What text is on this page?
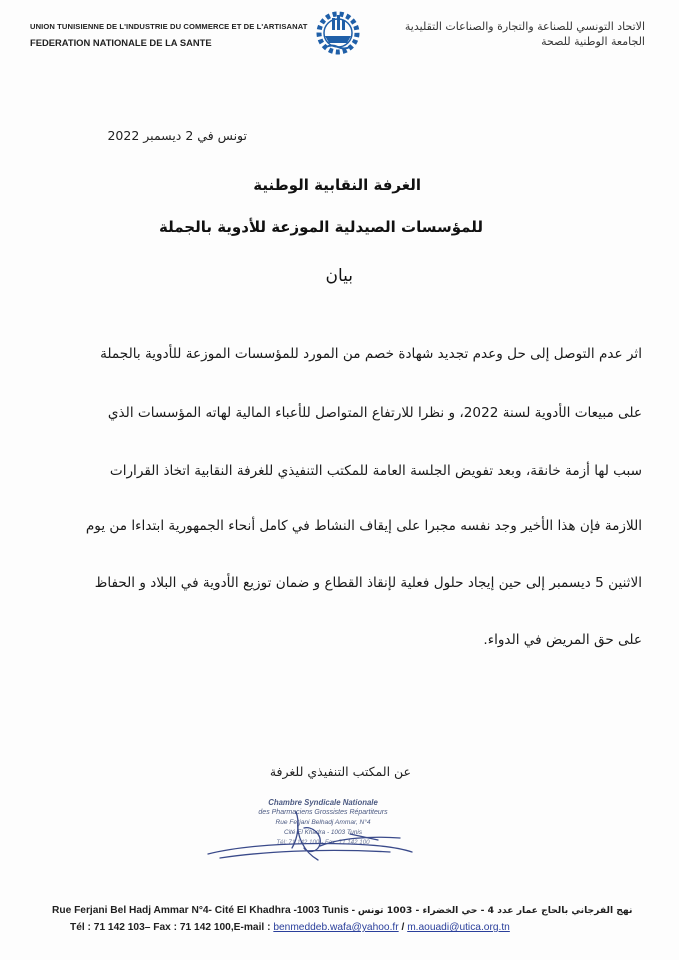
UNION TUNISIENNE DE L'INDUSTRIE DU COMMERCE ET DE L'ARTISANAT
FEDERATION NATIONALE DE LA SANTE
الاتحاد التونسي للصناعة والتجارة والصناعات التقليدية
الجامعة الوطنية للصحة
تونس في 2 ديسمبر 2022
الغرفة النقابية الوطنية
للمؤسسات الصيدلية الموزعة للأدوية بالجملة
بيان
اثر عدم التوصل إلى حل وعدم تجديد شهادة خصم من المورد للمؤسسات الموزعة للأدوية بالجملة
على مبيعات الأدوية لسنة 2022، و نظرا للارتفاع المتواصل للأعباء المالية لهاته المؤسسات الذي
سبب لها أزمة خانقة، وبعد تفويض الجلسة العامة للمكتب التنفيذي للغرفة النقابية اتخاذ القرارات
اللازمة فإن هذا الأخير وجد نفسه مجبرا على إيقاف النشاط في كامل أنحاء الجمهورية ابتداءا من يوم
الاثنين 5 ديسمبر إلى حين إيجاد حلول فعلية لإنقاذ القطاع و ضمان توزيع الأدوية في البلاد و الحفاظ
على حق المريض في الدواء.
عن المكتب التنفيذي للغرفة
Chambre Syndicale Nationale
des Pharmaciens Grossistes Répartiteurs
Rue Ferjani Belhadj Ammar, N°4
Cité El Khadra - 1003 Tunis
Tél: 71 142 100 - Fax: 71 142 100
Rue Ferjani Bel Hadj Ammar N°4- Cité El Khadhra -1003 Tunis - نهج الفرجاني بالحاج عمار عدد 4 - حي الخضراء - 1003 تونس
Tél : 71 142 103– Fax : 71 142 100,E-mail : benmeddeb.wafa@yahoo.fr / m.aouadi@utica.org.tn
